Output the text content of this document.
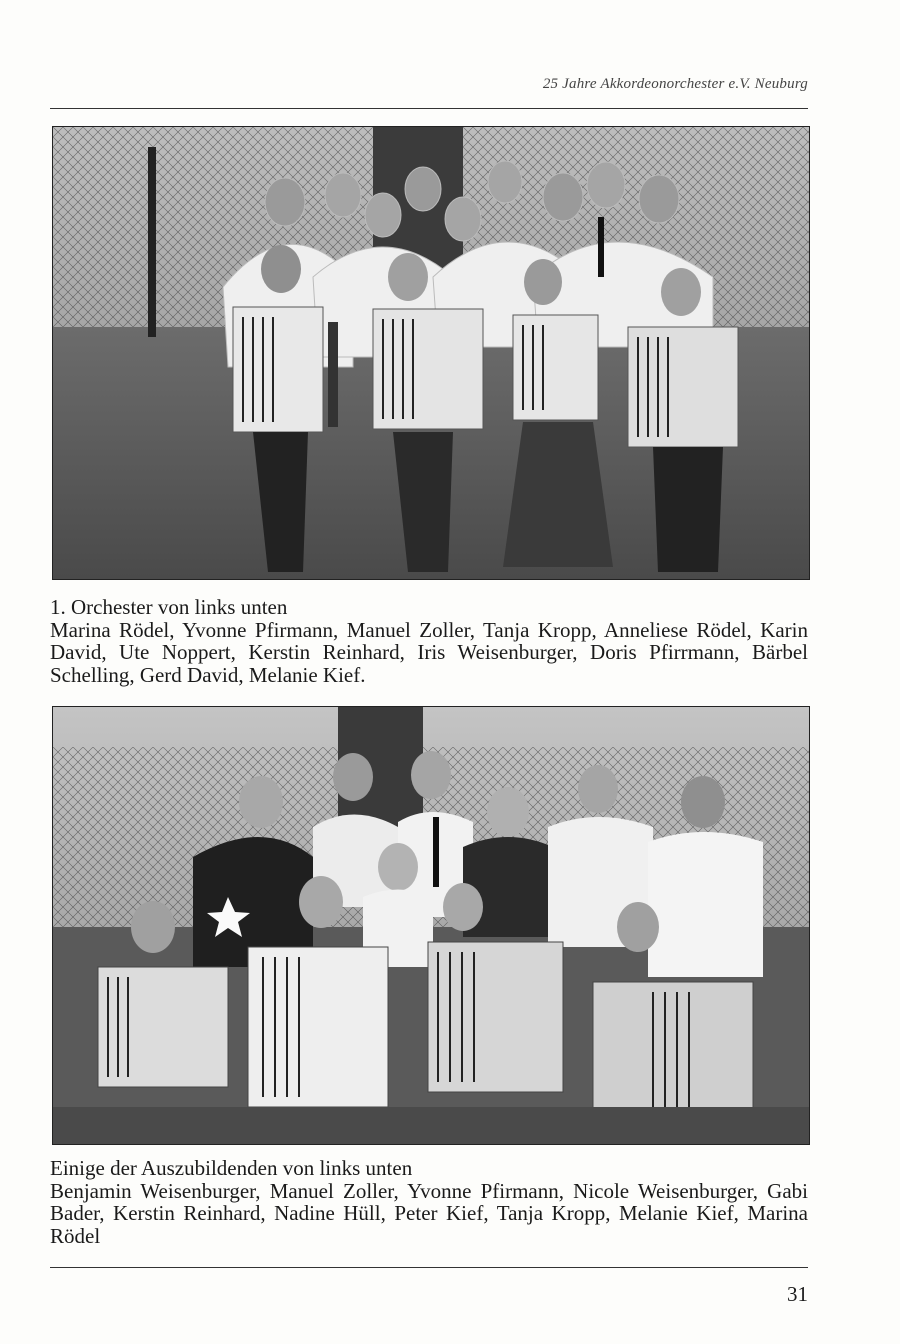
25 Jahre Akkordeonorchester e.V. Neuburg
1. Orchester von links unten
Marina Rödel, Yvonne Pfirmann, Manuel Zoller, Tanja Kropp, Anneliese Rödel, Karin David, Ute Noppert, Kerstin Reinhard, Iris Weisenburger, Doris Pfirrmann, Bärbel Schelling, Gerd David, Melanie Kief.
Einige der Auszubildenden von links unten
Benjamin Weisenburger, Manuel Zoller, Yvonne Pfirmann, Nicole Weisenburger, Gabi Bader, Kerstin Reinhard, Nadine Hüll, Peter Kief, Tanja Kropp, Melanie Kief, Marina Rödel
31
